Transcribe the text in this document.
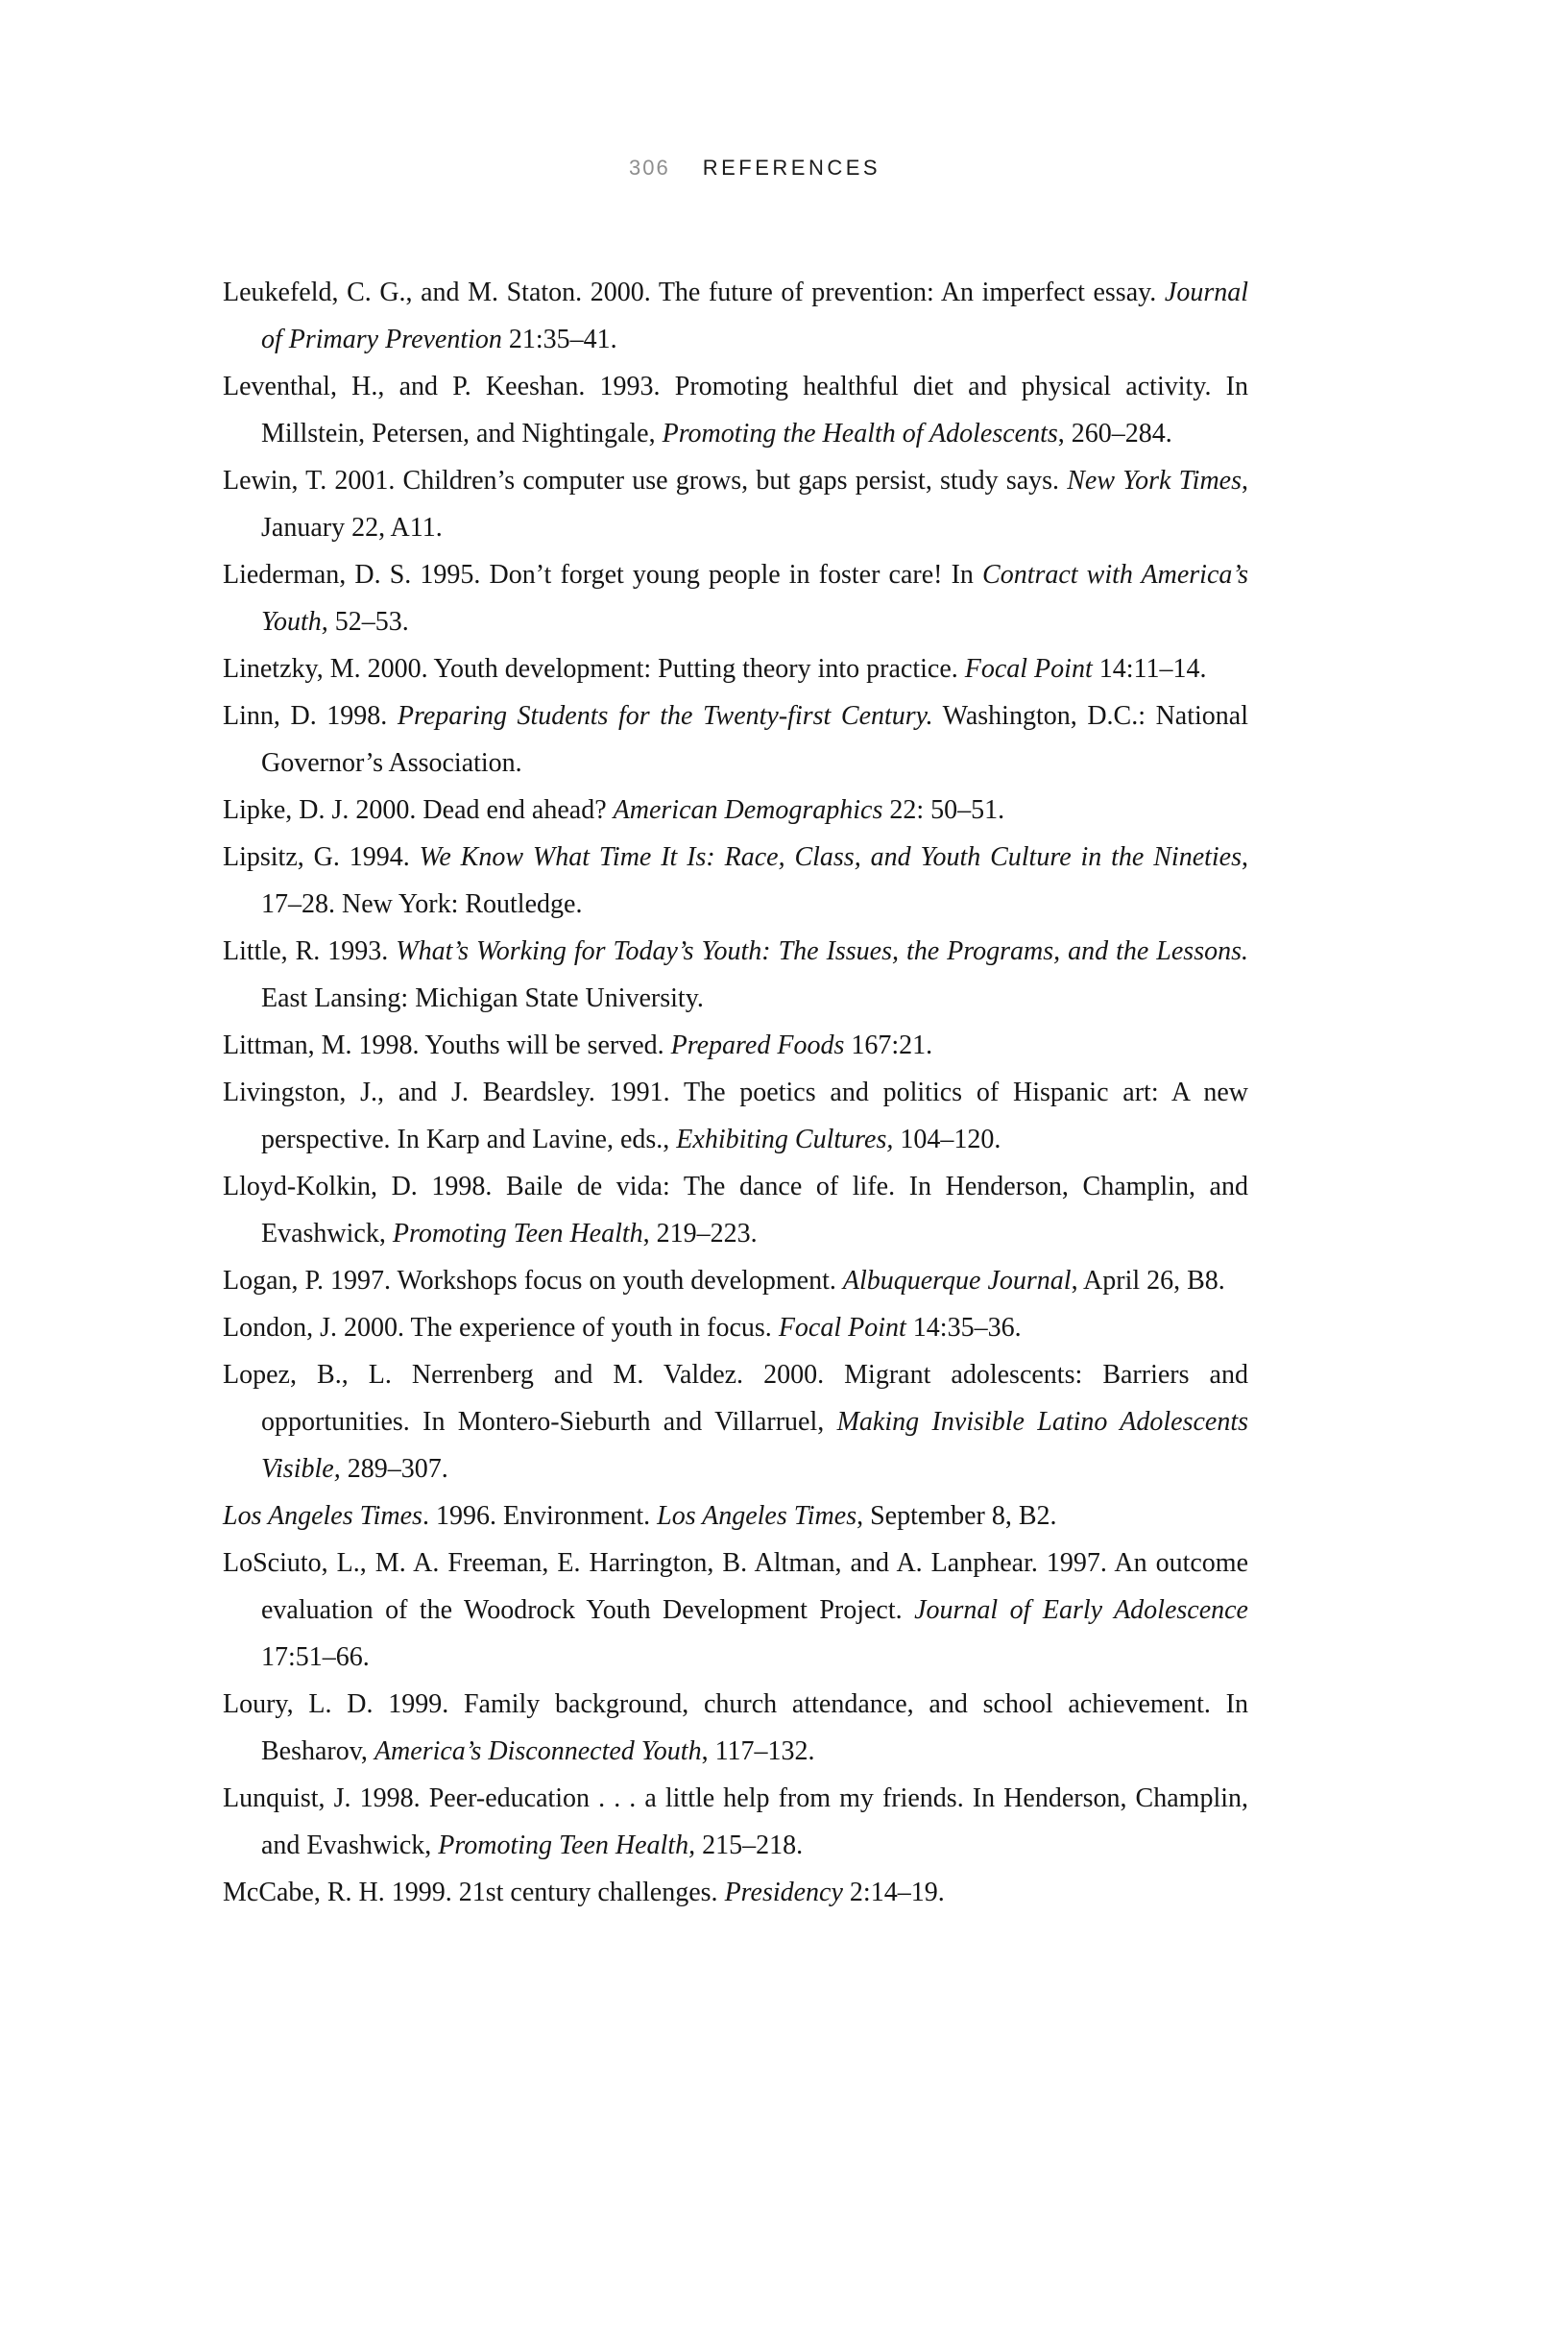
306 REFERENCES

Leukefeld, C. G., and M. Staton. 2000. The future of prevention: An imperfect essay. Journal of Primary Prevention 21:35–41.

Leventhal, H., and P. Keeshan. 1993. Promoting healthful diet and physical activity. In Millstein, Petersen, and Nightingale, Promoting the Health of Adolescents, 260–284.

Lewin, T. 2001. Children’s computer use grows, but gaps persist, study says. New York Times, January 22, A11.

Liederman, D. S. 1995. Don’t forget young people in foster care! In Contract with America’s Youth, 52–53.

Linetzky, M. 2000. Youth development: Putting theory into practice. Focal Point 14:11–14.

Linn, D. 1998. Preparing Students for the Twenty-first Century. Washington, D.C.: National Governor’s Association.

Lipke, D. J. 2000. Dead end ahead? American Demographics 22: 50–51.

Lipsitz, G. 1994. We Know What Time It Is: Race, Class, and Youth Culture in the Nineties, 17–28. New York: Routledge.

Little, R. 1993. What’s Working for Today’s Youth: The Issues, the Programs, and the Lessons. East Lansing: Michigan State University.

Littman, M. 1998. Youths will be served. Prepared Foods 167:21.

Livingston, J., and J. Beardsley. 1991. The poetics and politics of Hispanic art: A new perspective. In Karp and Lavine, eds., Exhibiting Cultures, 104–120.

Lloyd-Kolkin, D. 1998. Baile de vida: The dance of life. In Henderson, Champlin, and Evashwick, Promoting Teen Health, 219–223.

Logan, P. 1997. Workshops focus on youth development. Albuquerque Journal, April 26, B8.

London, J. 2000. The experience of youth in focus. Focal Point 14:35–36.

Lopez, B., L. Nerrenberg and M. Valdez. 2000. Migrant adolescents: Barriers and opportunities. In Montero-Sieburth and Villarruel, Making Invisible Latino Adolescents Visible, 289–307.

Los Angeles Times. 1996. Environment. Los Angeles Times, September 8, B2.

LoSciuto, L., M. A. Freeman, E. Harrington, B. Altman, and A. Lanphear. 1997. An outcome evaluation of the Woodrock Youth Development Project. Journal of Early Adolescence 17:51–66.

Loury, L. D. 1999. Family background, church attendance, and school achievement. In Besharov, America’s Disconnected Youth, 117–132.

Lunquist, J. 1998. Peer-education . . . a little help from my friends. In Henderson, Champlin, and Evashwick, Promoting Teen Health, 215–218.

McCabe, R. H. 1999. 21st century challenges. Presidency 2:14–19.
